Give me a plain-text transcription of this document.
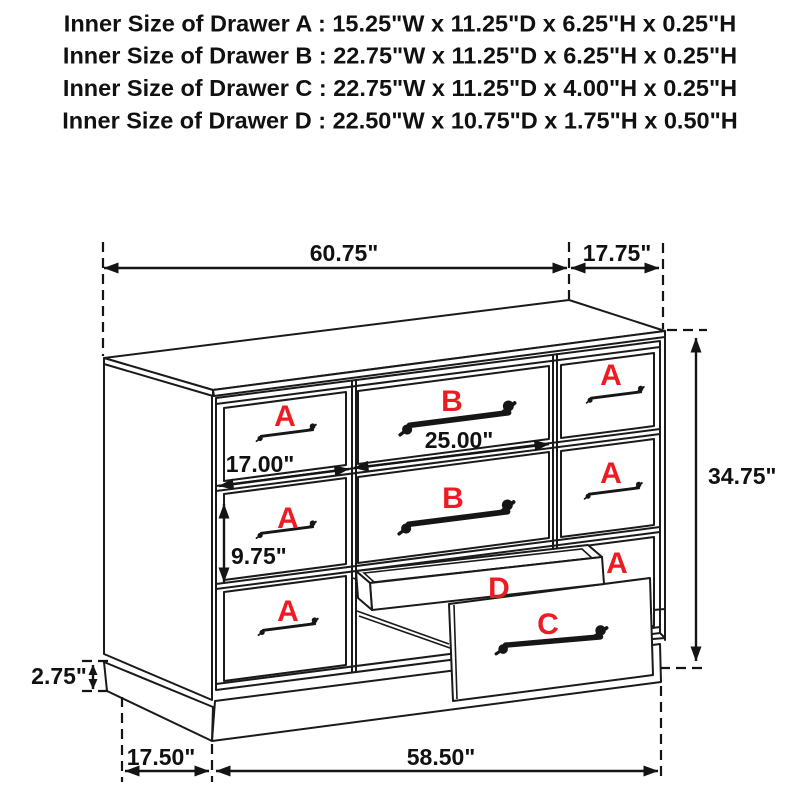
Inner Size of Drawer A : 15.25"W x 11.25"D x 6.25"H x 0.25"H
Inner Size of Drawer B : 22.75"W x 11.25"D x 6.25"H x 0.25"H
Inner Size of Drawer C : 22.75"W x 11.25"D x 4.00"H x 0.25"H
Inner Size of Drawer D : 22.50"W x 10.75"D x 1.75"H x 0.50"H
A
A
A
B
B
A
A
A
D
C
60.75"	17.75"
34.75"
17.00"
25.00"
9.75"
2.75"
17.50"	58.50"
